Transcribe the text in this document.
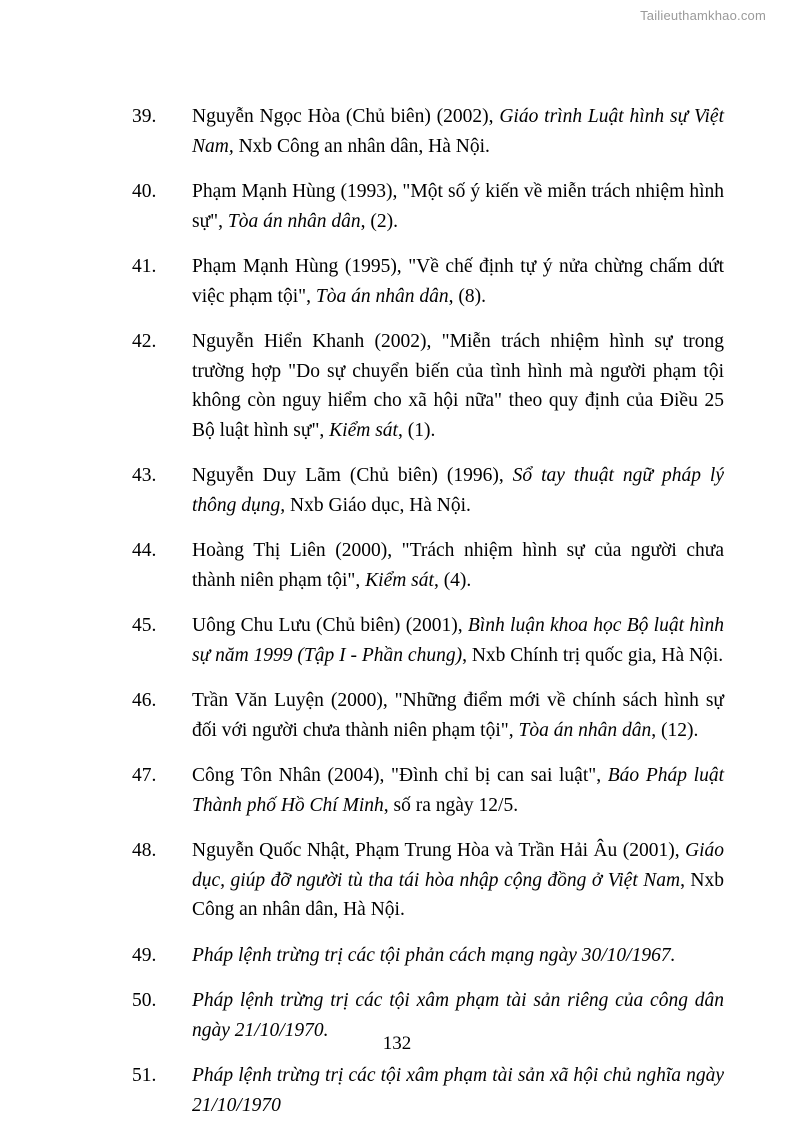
Tailieuthamkhao.com
39.	Nguyễn Ngọc Hòa (Chủ biên) (2002), Giáo trình Luật hình sự Việt Nam, Nxb Công an nhân dân, Hà Nội.
40.	Phạm Mạnh Hùng (1993), "Một số ý kiến về miễn trách nhiệm hình sự", Tòa án nhân dân, (2).
41.	Phạm Mạnh Hùng (1995), "Về chế định tự ý nửa chừng chấm dứt việc phạm tội", Tòa án nhân dân, (8).
42.	Nguyễn Hiển Khanh (2002), "Miễn trách nhiệm hình sự trong trường hợp "Do sự chuyển biến của tình hình mà người phạm tội không còn nguy hiểm cho xã hội nữa" theo quy định của Điều 25 Bộ luật hình sự", Kiểm sát, (1).
43.	Nguyễn Duy Lãm (Chủ biên) (1996), Sổ tay thuật ngữ pháp lý thông dụng, Nxb Giáo dục, Hà Nội.
44.	Hoàng Thị Liên (2000), "Trách nhiệm hình sự của người chưa thành niên phạm tội", Kiểm sát, (4).
45.	Uông Chu Lưu (Chủ biên) (2001), Bình luận khoa học Bộ luật hình sự năm 1999 (Tập I - Phần chung), Nxb Chính trị quốc gia, Hà Nội.
46.	Trần Văn Luyện (2000), "Những điểm mới về chính sách hình sự đối với người chưa thành niên phạm tội", Tòa án nhân dân, (12).
47.	Công Tôn Nhân (2004), "Đình chỉ bị can sai luật", Báo Pháp luật Thành phố Hồ Chí Minh, số ra ngày 12/5.
48.	Nguyễn Quốc Nhật, Phạm Trung Hòa và Trần Hải Âu (2001), Giáo dục, giúp đỡ người tù tha tái hòa nhập cộng đồng ở Việt Nam, Nxb Công an nhân dân, Hà Nội.
49.	Pháp lệnh trừng trị các tội phản cách mạng ngày 30/10/1967.
50.	Pháp lệnh trừng trị các tội xâm phạm tài sản riêng của công dân ngày 21/10/1970.
51.	Pháp lệnh trừng trị các tội xâm phạm tài sản xã hội chủ nghĩa ngày 21/10/1970
132
